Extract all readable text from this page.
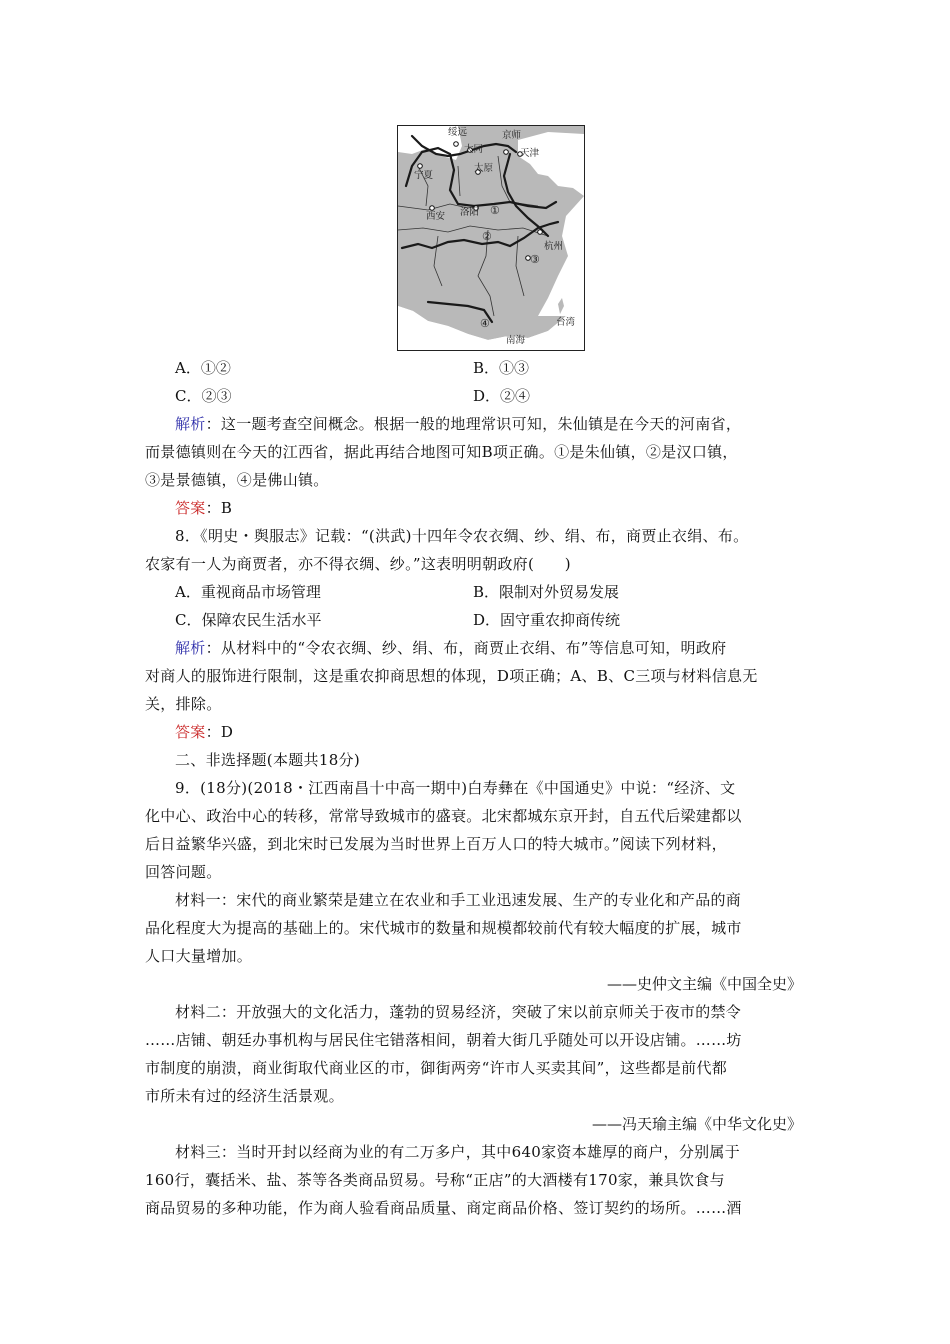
绥远	京师
大同	天津
太原
宁夏
西安 洛阳 ①
②
③
④
杭州
台湾
南海
A．①②	B．①③
C．②③	D．②④
解析：这一题考查空间概念。根据一般的地理常识可知，朱仙镇是在今天的河南省，
而景德镇则在今天的江西省，据此再结合地图可知B项正确。①是朱仙镇，②是汉口镇，
③是景德镇，④是佛山镇。
答案：B
8．《明史・舆服志》记载：“(洪武)十四年令农衣绸、纱、绢、布，商贾止衣绢、布。
农家有一人为商贾者，亦不得衣绸、纱。”这表明明朝政府(　　)
A．重视商品市场管理	B．限制对外贸易发展
C．保障农民生活水平	D．固守重农抑商传统
解析：从材料中的“令农衣绸、纱、绢、布，商贾止衣绢、布”等信息可知，明政府
对商人的服饰进行限制，这是重农抑商思想的体现，D项正确；A、B、C三项与材料信息无
关，排除。
答案：D
二、非选择题(本题共18分)
9．(18分)(2018・江西南昌十中高一期中)白寿彝在《中国通史》中说：“经济、文
化中心、政治中心的转移，常常导致城市的盛衰。北宋都城东京开封，自五代后梁建都以
后日益繁华兴盛，到北宋时已发展为当时世界上百万人口的特大城市。”阅读下列材料，
回答问题。
材料一：宋代的商业繁荣是建立在农业和手工业迅速发展、生产的专业化和产品的商
品化程度大为提高的基础上的。宋代城市的数量和规模都较前代有较大幅度的扩展，城市
人口大量增加。
——史仲文主编《中国全史》
材料二：开放强大的文化活力，蓬勃的贸易经济，突破了宋以前京师关于夜市的禁令
……店铺、朝廷办事机构与居民住宅错落相间，朝着大街几乎随处可以开设店铺。……坊
市制度的崩溃，商业街取代商业区的市，御街两旁“许市人买卖其间”，这些都是前代都
市所未有过的经济生活景观。
——冯天瑜主编《中华文化史》
材料三：当时开封以经商为业的有二万多户，其中640家资本雄厚的商户，分别属于
160行，囊括米、盐、茶等各类商品贸易。号称“正店”的大酒楼有170家，兼具饮食与
商品贸易的多种功能，作为商人验看商品质量、商定商品价格、签订契约的场所。……酒
